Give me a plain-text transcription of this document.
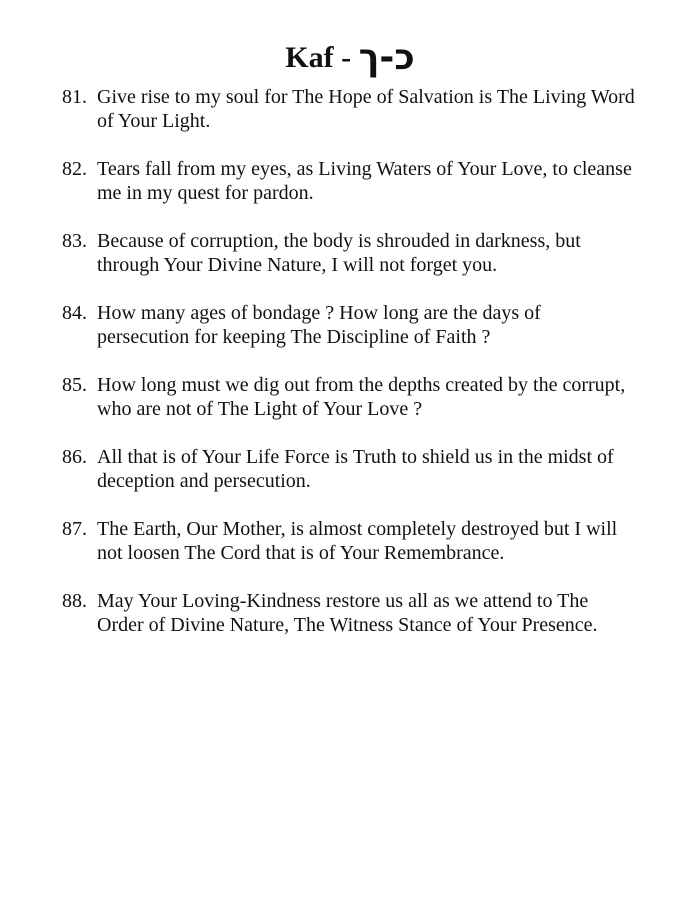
Kaf - כ-ך
81. Give rise to my soul for The Hope of Salvation is The Living Word
of Your Light.
82. Tears fall from my eyes, as Living Waters of Your Love, to cleanse
me in my quest for pardon.
83. Because of corruption, the body is shrouded in darkness, but
through Your Divine Nature, I will not forget you.
84. How many ages of bondage ? How long are the days of
persecution for keeping The Discipline of Faith ?
85. How long must we dig out from the depths created by the corrupt,
who are not of The Light of Your Love ?
86. All that is of Your Life Force is Truth to shield us in the midst of
deception and persecution.
87. The Earth, Our Mother, is almost completely destroyed but I will
not loosen The Cord that is of Your Remembrance.
88. May Your Loving-Kindness restore us all as we attend to The
Order of Divine Nature, The Witness Stance of Your Presence.
